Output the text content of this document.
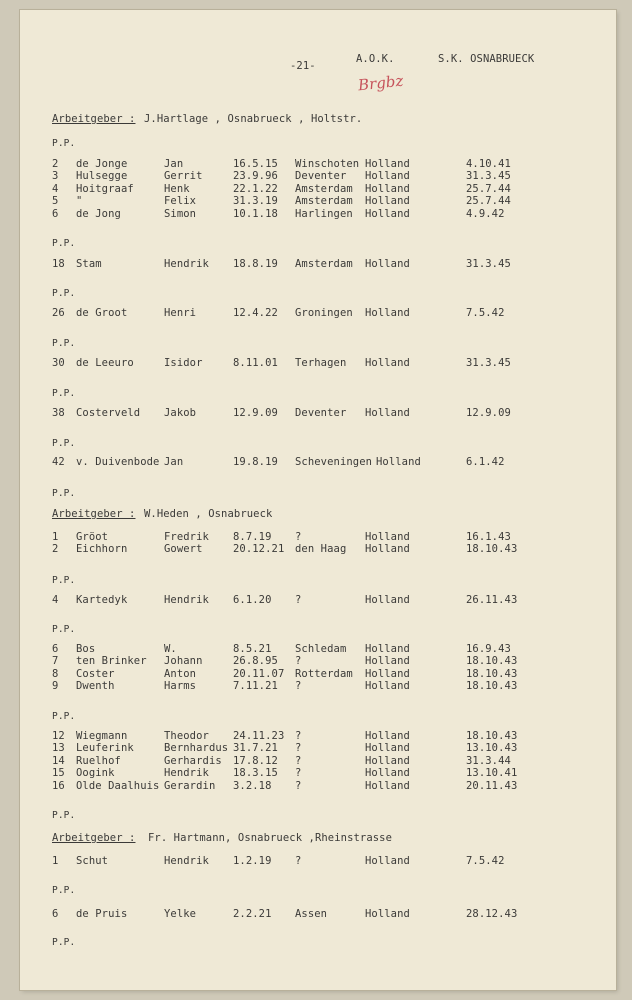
-21-
A.O.K.	S.K. OSNABRUECK
Brgbz
Arbeitgeber : J.Hartlage , Osnabrueck , Holtstr.
P.P.
P.P.
P.P.
P.P.
P.P.
P.P.
P.P.
2 de Jonge	Jan	16.5.15 Winschoten Holland	4.10.41
3 Hulsegge	Gerrit	23.9.96 Deventer Holland	31.3.45
4 Hoitgraaf	Henk	22.1.22 Amsterdam Holland	25.7.44
5 "	Felix	31.3.19 Amsterdam Holland	25.7.44
6 de Jong	Simon	10.1.18 Harlingen Holland	4.9.42
18 Stam	Hendrik 18.8.19 Amsterdam Holland	31.3.45
26 de Groot	Henri	12.4.22 Groningen Holland	7.5.42
30 de Leeuro	Isidor	8.11.01 Terhagen Holland	31.3.45
38 Costerveld Jakob	12.9.09 Deventer Holland	12.9.09
42 v. Duivenbode Jan	19.8.19 Scheveningen Holland	6.1.42
Arbeitgeber : W.Heden , Osnabrueck
P.P.
P.P.
P.P.
P.P.
1 Gröot	Fredrik 8.7.19 ?	Holland	16.1.43
2 Eichhorn	Gowert	20.12.21 den Haag Holland	18.10.43
4 Kartedyk	Hendrik 6.1.20 ?	Holland	26.11.43
6 Bos	W.	8.5.21 Schledam Holland	16.9.43
7 ten Brinker Johann	26.8.95 ?	Holland	18.10.43
8 Coster	Anton	20.11.07 Rotterdam Holland	18.10.43
9 Dwenth	Harms	7.11.21 ?	Holland	18.10.43
12 Wiegmann	Theodor 24.11.23 ?	Holland	18.10.43
13 Leuferink	Bernhardus 31.7.21 ?	Holland	13.10.43
14 Ruelhof	Gerhardis 17.8.12 ?	Holland	31.3.44
15 Oogink	Hendrik 18.3.15 ?	Holland	13.10.41
16 Olde Daalhuis Gerardin 3.2.18 ?	Holland	20.11.43
Arbeitgeber : Fr. Hartmann, Osnabrueck ,Rheinstrasse
P.P.
P.P.
1 Schut	Hendrik 1.2.19 ?	Holland	7.5.42
6 de Pruis	Yelke	2.2.21 Assen	Holland	28.12.43
